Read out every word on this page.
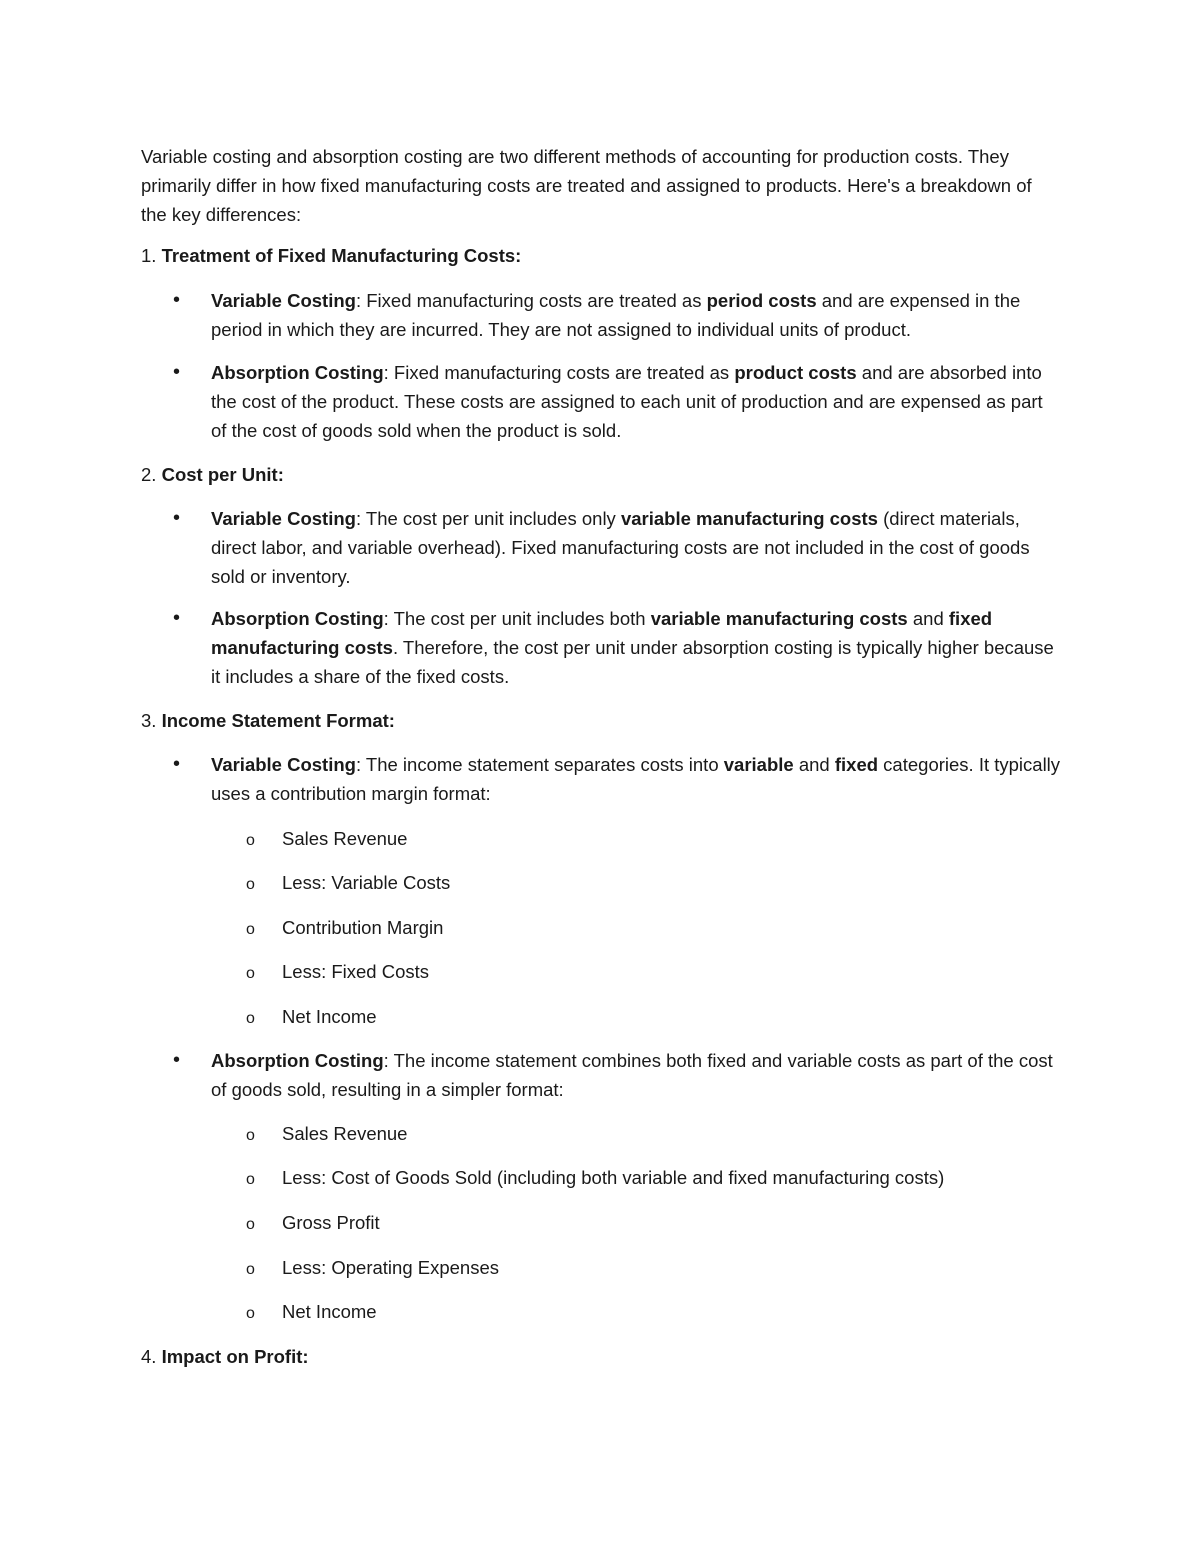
Variable costing and absorption costing are two different methods of accounting for production costs. They primarily differ in how fixed manufacturing costs are treated and assigned to products. Here's a breakdown of the key differences:

1. Treatment of Fixed Manufacturing Costs:

• Variable Costing: Fixed manufacturing costs are treated as period costs and are expensed in the period in which they are incurred. They are not assigned to individual units of product.
• Absorption Costing: Fixed manufacturing costs are treated as product costs and are absorbed into the cost of the product. These costs are assigned to each unit of production and are expensed as part of the cost of goods sold when the product is sold.

2. Cost per Unit:

• Variable Costing: The cost per unit includes only variable manufacturing costs (direct materials, direct labor, and variable overhead). Fixed manufacturing costs are not included in the cost of goods sold or inventory.
• Absorption Costing: The cost per unit includes both variable manufacturing costs and fixed manufacturing costs. Therefore, the cost per unit under absorption costing is typically higher because it includes a share of the fixed costs.

3. Income Statement Format:

• Variable Costing: The income statement separates costs into variable and fixed categories. It typically uses a contribution margin format:
o Sales Revenue
o Less: Variable Costs
o Contribution Margin
o Less: Fixed Costs
o Net Income
• Absorption Costing: The income statement combines both fixed and variable costs as part of the cost of goods sold, resulting in a simpler format:
o Sales Revenue
o Less: Cost of Goods Sold (including both variable and fixed manufacturing costs)
o Gross Profit
o Less: Operating Expenses
o Net Income

4. Impact on Profit:
